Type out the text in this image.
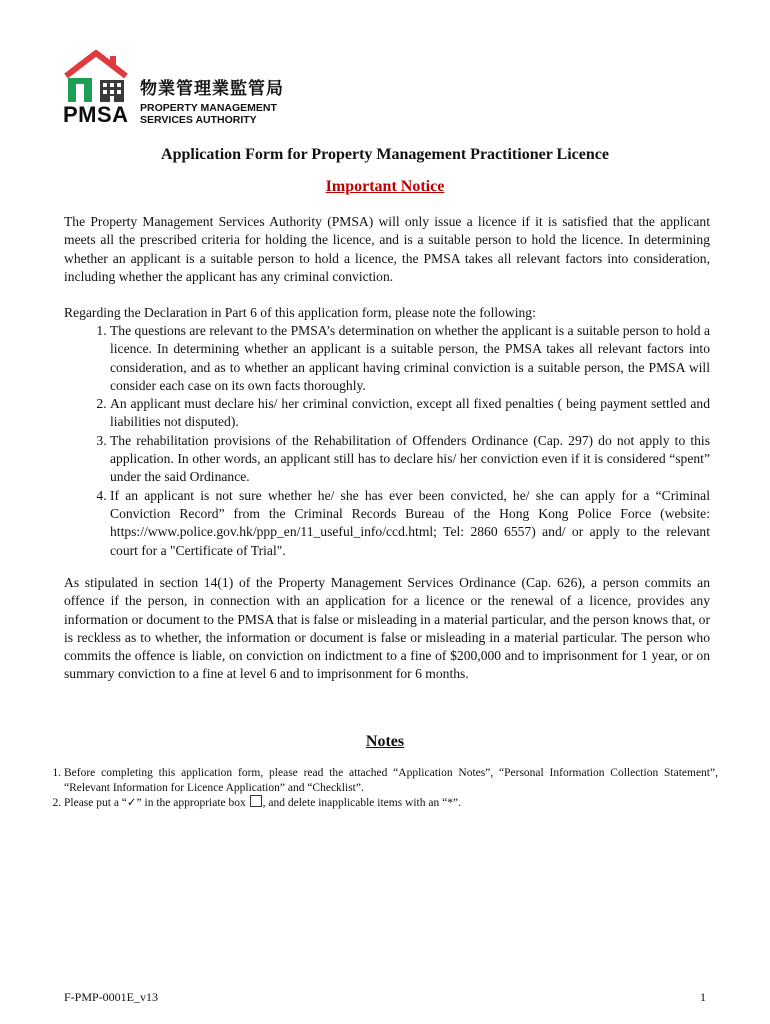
PMSA
物業管理業監管局
PROPERTY MANAGEMENT
SERVICES AUTHORITY
Application Form for Property Management Practitioner Licence
Important Notice
The Property Management Services Authority (PMSA) will only issue a licence if it is satisfied that the applicant meets all the prescribed criteria for holding the licence, and is a suitable person to hold the licence. In determining whether an applicant is a suitable person to hold a licence, the PMSA takes all relevant factors into consideration, including whether the applicant has any criminal conviction.
Regarding the Declaration in Part 6 of this application form, please note the following:
1. The questions are relevant to the PMSA’s determination on whether the applicant is a suitable person to hold a licence. In determining whether an applicant is a suitable person, the PMSA takes all relevant factors into consideration, and as to whether an applicant having criminal conviction is a suitable person, the PMSA will consider each case on its own facts thoroughly.
2. An applicant must declare his/ her criminal conviction, except all fixed penalties ( being payment settled and liabilities not disputed).
3. The rehabilitation provisions of the Rehabilitation of Offenders Ordinance (Cap. 297) do not apply to this application. In other words, an applicant still has to declare his/ her conviction even if it is considered “spent” under the said Ordinance.
4. If an applicant is not sure whether he/ she has ever been convicted, he/ she can apply for a “Criminal Conviction Record” from the Criminal Records Bureau of the Hong Kong Police Force (website: https://www.police.gov.hk/ppp_en/11_useful_info/ccd.html; Tel: 2860 6557) and/ or apply to the relevant court for a "Certificate of Trial".
As stipulated in section 14(1) of the Property Management Services Ordinance (Cap. 626), a person commits an offence if the person, in connection with an application for a licence or the renewal of a licence, provides any information or document to the PMSA that is false or misleading in a material particular, and the person knows that, or is reckless as to whether, the information or document is false or misleading in a material particular. The person who commits the offence is liable, on conviction on indictment to a fine of $200,000 and to imprisonment for 1 year, or on summary conviction to a fine at level 6 and to imprisonment for 6 months.
Notes
1. Before completing this application form, please read the attached “Application Notes”, “Personal Information Collection Statement”, “Relevant Information for Licence Application” and “Checklist”.
2. Please put a “✓” in the appropriate box , and delete inapplicable items with an “*”.
F-PMP-0001E_v13	1
